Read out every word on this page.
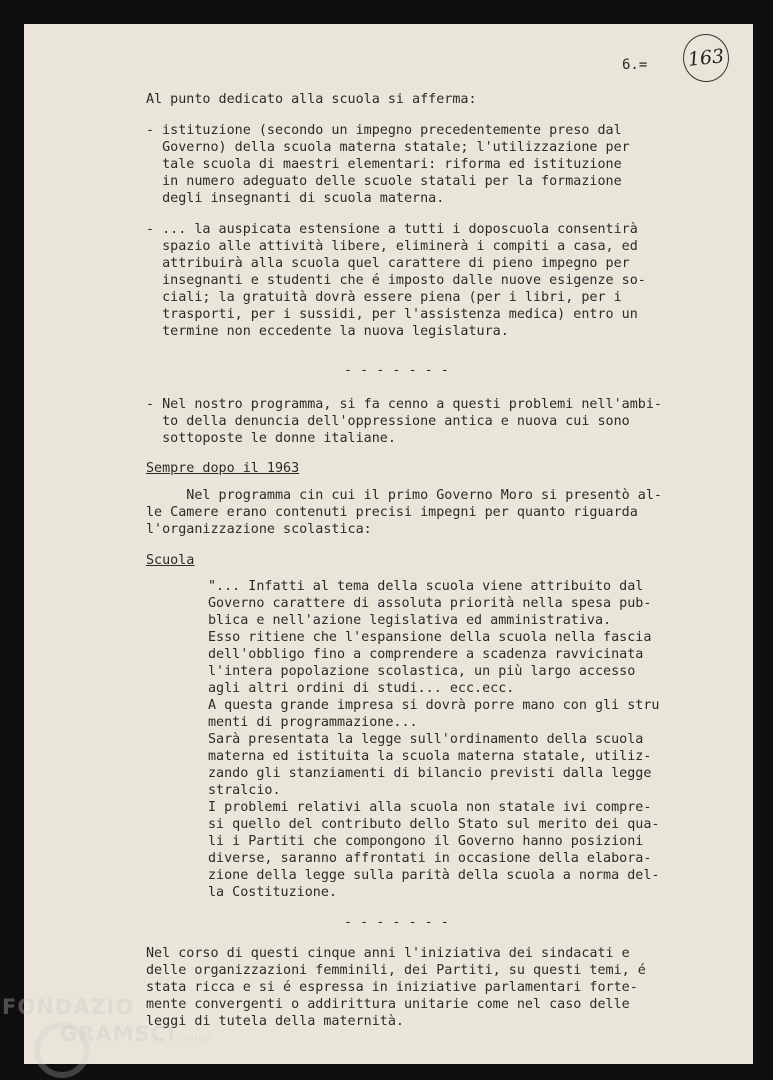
6.=	163
Al punto dedicato alla scuola si afferma:
- istituzione (secondo un impegno precedentemente preso dal
Governo) della scuola materna statale; l'utilizzazione per
tale scuola di maestri elementari: riforma ed istituzione
in numero adeguato delle scuole statali per la formazione
degli insegnanti di scuola materna.
- ... la auspicata estensione a tutti i doposcuola consentirà
spazio alle attività libere, eliminerà i compiti a casa, ed
attribuirà alla scuola quel carattere di pieno impegno per
insegnanti e studenti che é imposto dalle nuove esigenze so-
ciali; la gratuità dovrà essere piena (per i libri, per i
trasporti, per i sussidi, per l'assistenza medica) entro un
termine non eccedente la nuova legislatura.
- - - - - - -
- Nel nostro programma, si fa cenno a questi problemi nell'ambi-
to della denuncia dell'oppressione antica e nuova cui sono
sottoposte le donne italiane.
Sempre dopo il 1963
Nel programma cin cui il primo Governo Moro si presentò al-
le Camere erano contenuti precisi impegni per quanto riguarda
l'organizzazione scolastica:
Scuola
"... Infatti al tema della scuola viene attribuito dal
Governo carattere di assoluta priorità nella spesa pub-
blica e nell'azione legislativa ed amministrativa.
Esso ritiene che l'espansione della scuola nella fascia
dell'obbligo fino a comprendere a scadenza ravvicinata
l'intera popolazione scolastica, un più largo accesso
agli altri ordini di studi... ecc.ecc.
A questa grande impresa si dovrà porre mano con gli stru
menti di programmazione...
Sarà presentata la legge sull'ordinamento della scuola
materna ed istituita la scuola materna statale, utiliz-
zando gli stanziamenti di bilancio previsti dalla legge
stralcio.
I problemi relativi alla scuola non statale ivi compre-
si quello del contributo dello Stato sul merito dei qua-
li i Partiti che compongono il Governo hanno posizioni
diverse, saranno affrontati in occasione della elabora-
zione della legge sulla parità della scuola a norma del-
la Costituzione.
- - - - - - -
Nel corso di questi cinque anni l'iniziativa dei sindacati e
delle organizzazioni femminili, dei Partiti, su questi temi, é
stata ricca e si é espressa in iniziative parlamentari forte-
mente convergenti o addirittura unitarie come nel caso delle
leggi di tutela della maternità.
FONDAZIO
GRAMSCI onlus
